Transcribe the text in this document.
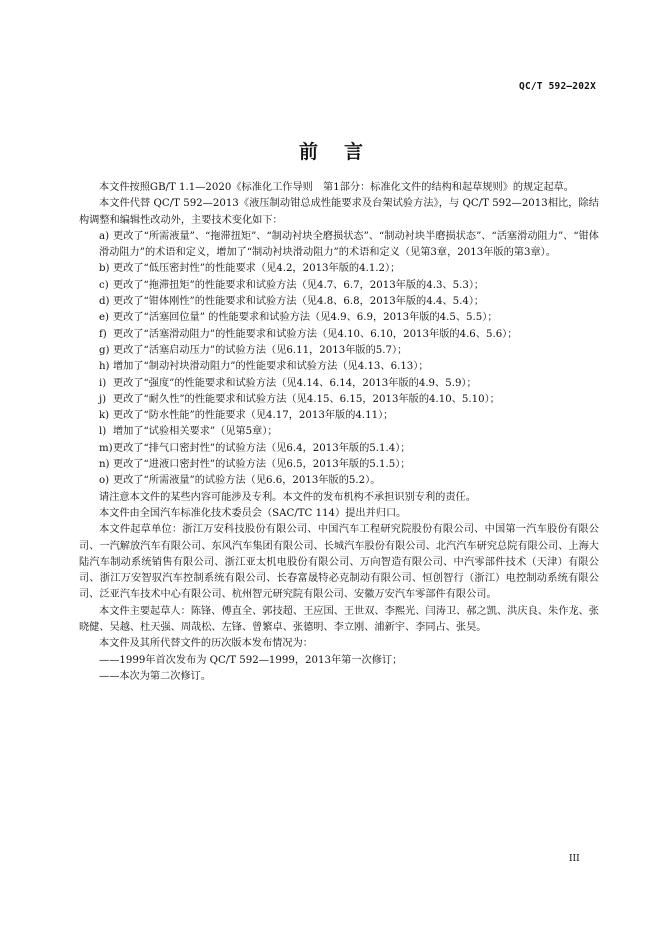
QC/T 592—202X
前言

本文件按照GB/T 1.1—2020《标准化工作导则　第1部分：标准化文件的结构和起草规则》的规定起草。

本文件代替 QC/T 592—2013《液压制动钳总成性能要求及台架试验方法》，与 QC/T 592—2013相比，除结构调整和编辑性改动外，主要技术变化如下：

a) 更改了“所需液量”、“拖滞扭矩”、“制动衬块全磨损状态”、“制动衬块半磨损状态”、“活塞滑动阻力”、“钳体滑动阻力”的术语和定义，增加了“制动衬块滑动阻力”的术语和定义（见第3章，2013年版的第3章）。

b) 更改了“低压密封性”的性能要求（见4.2，2013年版的4.1.2）；

c) 更改了“拖滞扭矩”的性能要求和试验方法（见4.7、6.7，2013年版的4.3、5.3）；

d) 更改了“钳体刚性”的性能要求和试验方法（见4.8、6.8，2013年版的4.4、5.4）；

e) 更改了“活塞回位量” 的性能要求和试验方法（见4.9、6.9，2013年版的4.5、5.5）；

f) 更改了“活塞滑动阻力”的性能要求和试验方法（见4.10、6.10，2013年版的4.6、5.6）；

g) 更改了“活塞启动压力”的试验方法（见6.11，2013年版的5.7）；

h) 增加了“制动衬块滑动阻力”的性能要求和试验方法（见4.13、6.13）；

i) 更改了“强度”的性能要求和试验方法（见4.14、6.14，2013年版的4.9、5.9）；

j) 更改了“耐久性”的性能要求和试验方法（见4.15、6.15，2013年版的4.10、5.10）；

k) 更改了“防水性能”的性能要求（见4.17，2013年版的4.11）；

l) 增加了“试验相关要求”（见第5章）；

m)更改了“排气口密封性”的试验方法（见6.4，2013年版的5.1.4）；

n) 更改了“进液口密封性”的试验方法（见6.5，2013年版的5.1.5）；

o) 更改了“所需液量”的试验方法（见6.6，2013年版的5.2）。

请注意本文件的某些内容可能涉及专利。本文件的发布机构不承担识别专利的责任。

本文件由全国汽车标准化技术委员会（SAC/TC 114）提出并归口。

本文件起草单位：浙江万安科技股份有限公司、中国汽车工程研究院股份有限公司、中国第一汽车股份有限公司、一汽解放汽车有限公司、东风汽车集团有限公司、长城汽车股份有限公司、北汽汽车研究总院有限公司、上海大陆汽车制动系统销售有限公司、浙江亚太机电股份有限公司、万向智造有限公司、中汽零部件技术（天津）有限公司、浙江万安智驭汽车控制系统有限公司、长春富晟特必克制动有限公司、恒创智行（浙江）电控制动系统有限公司、泛亚汽车技术中心有限公司、杭州智元研究院有限公司、安徽万安汽车零部件有限公司。

本文件主要起草人：陈锋、傅直全、郭技超、王应国、王世双、李熙光、闫涛卫、郝之凯、洪庆良、朱作龙、张晓健、吴越、杜天强、周哉松、左锋、曾繁卓、张德明、李立刚、浦新宇、李同占、张昊。

本文件及其所代替文件的历次版本发布情况为：

——1999年首次发布为 QC/T 592—1999，2013年第一次修订；

——本次为第二次修订。

III
